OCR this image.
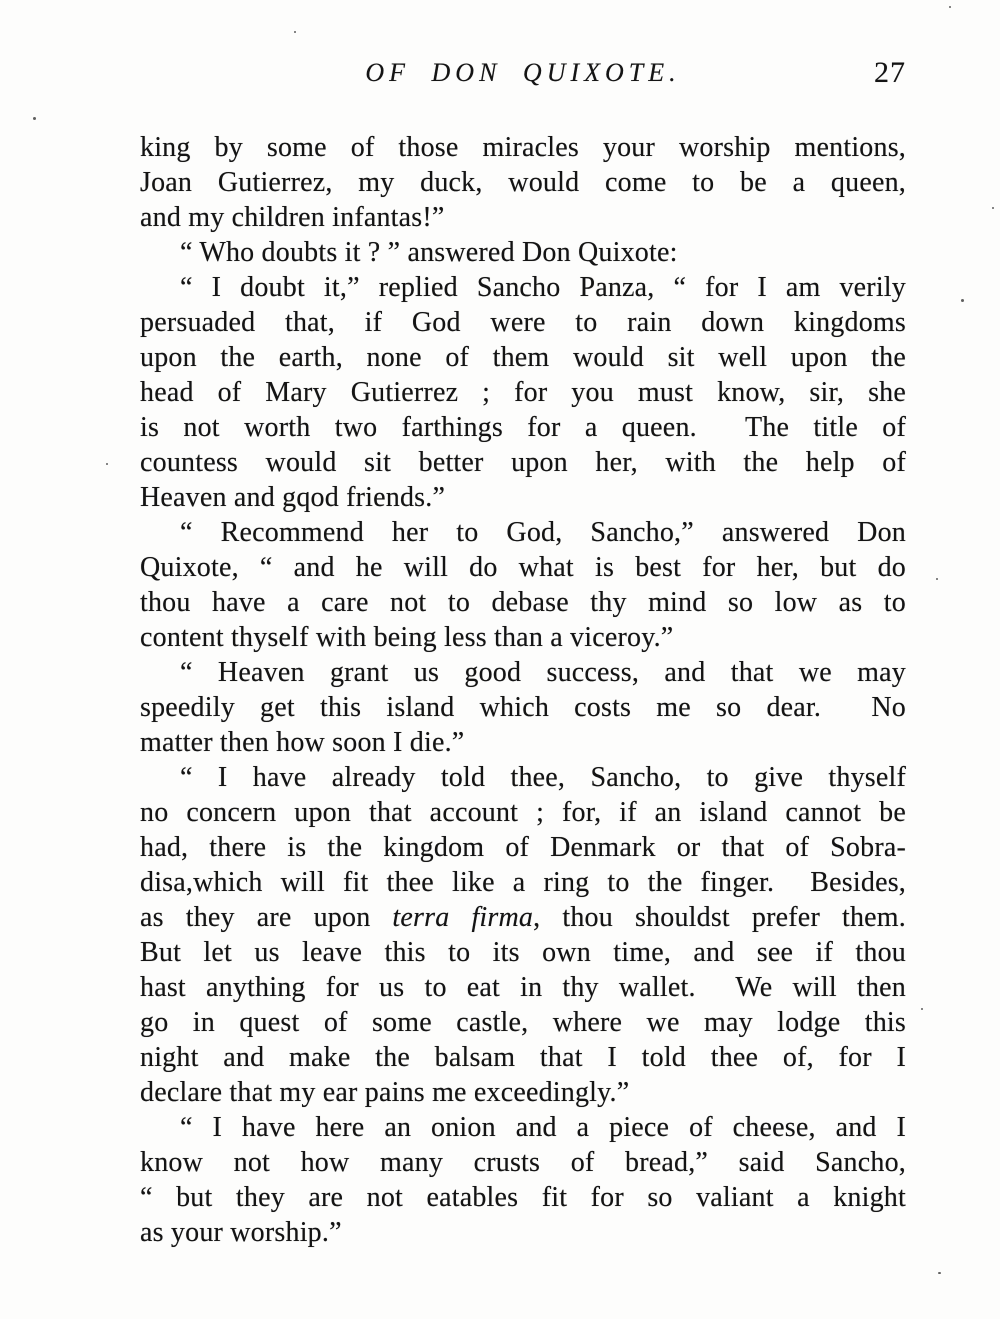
OF DON QUIXOTE.	27
king by some of those miracles your worship mentions,
Joan Gutierrez, my duck, would come to be a queen,
and my children infantas!”
“ Who doubts it ? ” answered Don Quixote:
“ I doubt it,” replied Sancho Panza, “ for I am verily
persuaded that, if God were to rain down kingdoms
upon the earth, none of them would sit well upon the
head of Mary Gutierrez ; for you must know, sir, she
is not worth two farthings for a queen.  The title of
countess would sit better upon her, with the help of
Heaven and gqod friends.”
“ Recommend her to God, Sancho,” answered Don
Quixote, “ and he will do what is best for her, but do
thou have a care not to debase thy mind so low as to
content thyself with being less than a viceroy.”
“ Heaven grant us good success, and that we may
speedily get this island which costs me so dear.  No
matter then how soon I die.”
“ I have already told thee, Sancho, to give thyself
no concern upon that account ; for, if an island cannot be
had, there is the kingdom of Denmark or that of Sobra-
disa,which will fit thee like a ring to the finger.  Besides,
as they are upon terra firma, thou shouldst prefer them.
But let us leave this to its own time, and see if thou
hast anything for us to eat in thy wallet.  We will then
go in quest of some castle, where we may lodge this
night and make the balsam that I told thee of, for I
declare that my ear pains me exceedingly.”
“ I have here an onion and a piece of cheese, and I
know not how many crusts of bread,” said Sancho,
“ but they are not eatables fit for so valiant a knight
as your worship.”
